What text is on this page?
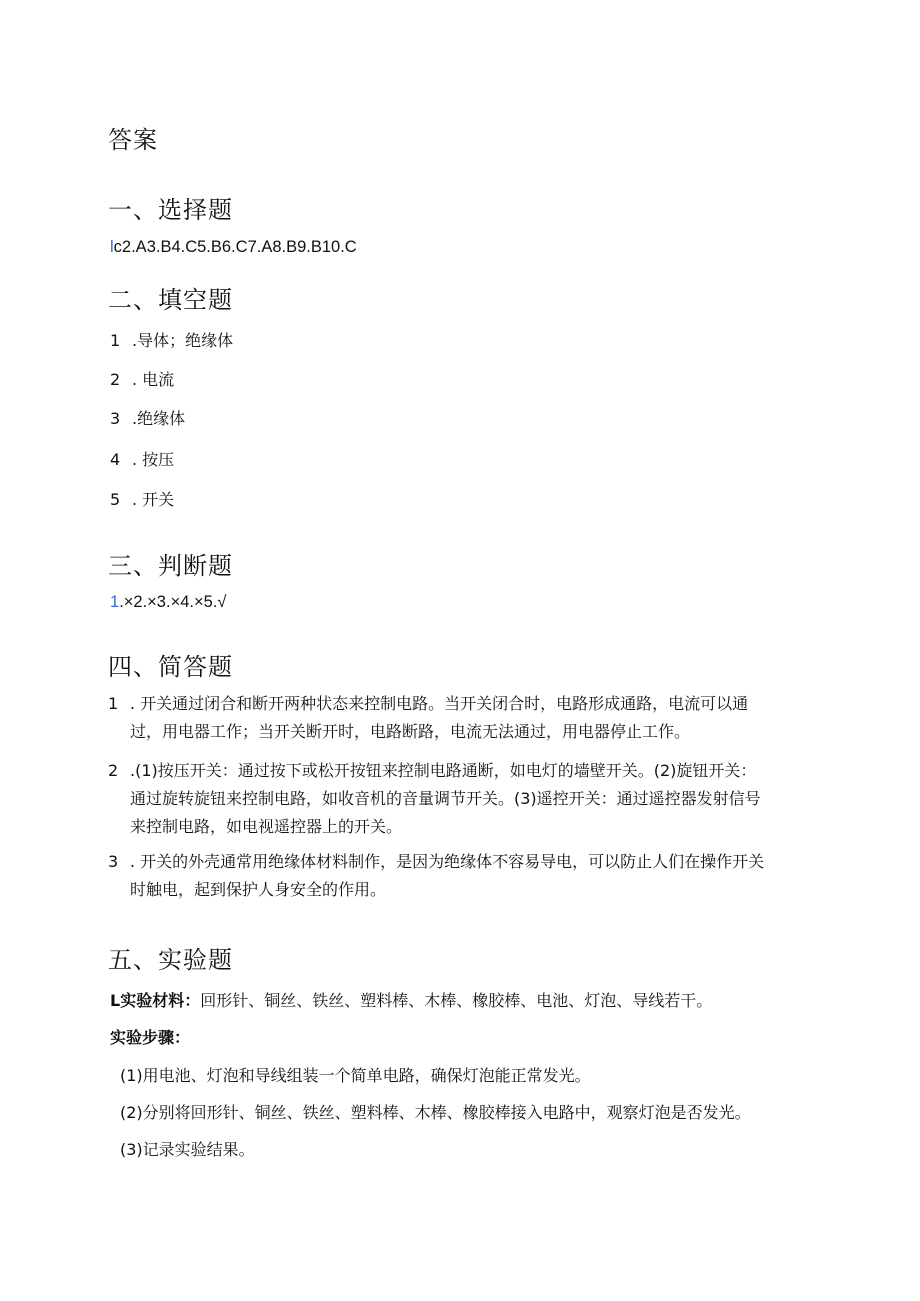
答案
一、选择题
lc2.A3.B4.C5.B6.C7.A8.B9.B10.C
二、填空题
1 .导体；绝缘体
2 . 电流
3 .绝缘体
4 . 按压
5 . 开关
三、判断题
1.×2.×3.×4.×5.√
四、简答题
1 . 开关通过闭合和断开两种状态来控制电路。当开关闭合时，电路形成通路，电流可以通
过，用电器工作；当开关断开时，电路断路，电流无法通过，用电器停止工作。
2 .(1)按压开关：通过按下或松开按钮来控制电路通断，如电灯的墙壁开关。(2)旋钮开关：
通过旋转旋钮来控制电路，如收音机的音量调节开关。(3)遥控开关：通过遥控器发射信号
来控制电路，如电视遥控器上的开关。
3 . 开关的外壳通常用绝缘体材料制作，是因为绝缘体不容易导电，可以防止人们在操作开关
时触电，起到保护人身安全的作用。
五、实验题
L实验材料：回形针、铜丝、铁丝、塑料棒、木棒、橡胶棒、电池、灯泡、导线若干。
实验步骤：
(1)用电池、灯泡和导线组装一个简单电路，确保灯泡能正常发光。
(2)分别将回形针、铜丝、铁丝、塑料棒、木棒、橡胶棒接入电路中，观察灯泡是否发光。
(3)记录实验结果。
